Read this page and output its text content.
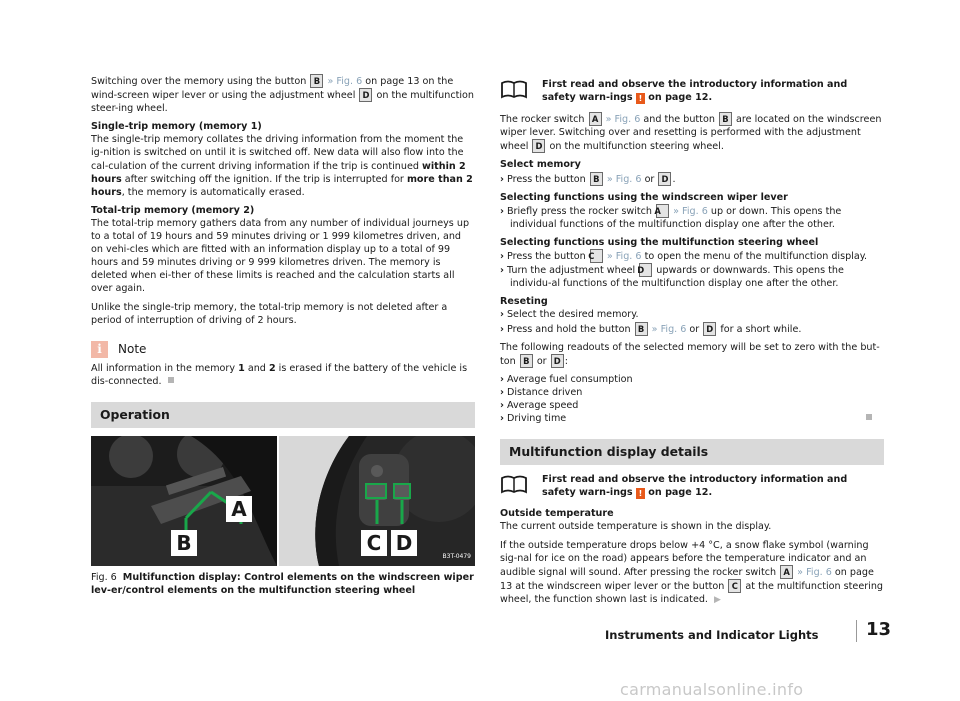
Switching over the memory using the button B » Fig. 6 on page 13 on the wind-screen wiper lever or using the adjustment wheel D on the multifunction steer-ing wheel.

Single-trip memory (memory 1)
The single-trip memory collates the driving information from the moment the ig-nition is switched on until it is switched off. New data will also flow into the cal-culation of the current driving information if the trip is continued within 2 hours after switching off the ignition. If the trip is interrupted for more than 2 hours, the memory is automatically erased.

Total-trip memory (memory 2)
The total-trip memory gathers data from any number of individual journeys up to a total of 19 hours and 59 minutes driving or 1 999 kilometres driven, and on vehi-cles which are fitted with an information display up to a total of 99 hours and 59 minutes driving or 9 999 kilometres driven. The memory is deleted when ei-ther of these limits is reached and the calculation starts all over again.

Unlike the single-trip memory, the total-trip memory is not deleted after a period of interruption of driving of 2 hours.

i	Note

All information in the memory 1 and 2 is erased if the battery of the vehicle is dis-connected.

Operation
B
A
C D
B3T-0479
Fig. 6 Multifunction display: Control elements on the windscreen wiper lev-er/control elements on the multifunction steering wheel
First read and observe the introductory information and safety warn-ings ! on page 12.

The rocker switch A » Fig. 6 and the button B are located on the windscreen wiper lever. Switching over and resetting is performed with the adjustment wheel D on the multifunction steering wheel.

Select memory
› Press the button B » Fig. 6 or D .

Selecting functions using the windscreen wiper lever
› Briefly press the rocker switch A » Fig. 6 up or down. This opens the individual functions of the multifunction display one after the other.

Selecting functions using the multifunction steering wheel
› Press the button C » Fig. 6 to open the menu of the multifunction display.
› Turn the adjustment wheel D upwards or downwards. This opens the individu-al functions of the multifunction display one after the other.

Reseting
› Select the desired memory.
› Press and hold the button B » Fig. 6 or D for a short while.

The following readouts of the selected memory will be set to zero with the but-ton B or D :

› Average fuel consumption
› Distance driven
› Average speed
› Driving time
Multifunction display details
First read and observe the introductory information and safety warn-ings ! on page 12.

Outside temperature
The current outside temperature is shown in the display.

If the outside temperature drops below +4 °C, a snow flake symbol (warning sig-nal for ice on the road) appears before the temperature indicator and an audible signal will sound. After pressing the rocker switch A » Fig. 6 on page 13 at the windscreen wiper lever or the button C at the multifunction steering wheel, the function shown last is indicated. ▶

Instruments and Indicator Lights	13
carmanualsonline.info
